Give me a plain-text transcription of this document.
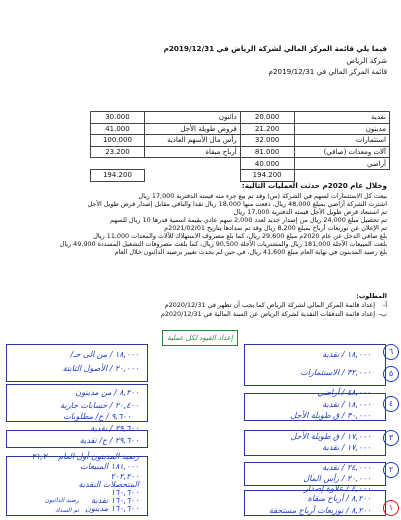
فيما يلي قائمة المركز المالي لشركة الرياض في 2019/12/31م
شركة الرياض
قائمة المركز المالي في 2019/12/31م
30.000	دائنون	20.000	نقدية
41.000	قروض طويلة الأجل	21.200	مدينون
100.000	رأس مال الأسهم العادية	32.000	استثمارات
23.200	أرباح مبقاة	81.000	آلات ومعدات (صافي)
		40.000	أراضي
194.200		194.200	
وخلال عام 2020م حدثت العمليات التالية:
بيعت كل الاستثمارات لسهم في الشركة (س) وقد تم بيع جزء منه قيمته الدفترية 17,000 ريال
اشترت الشركة أراضي بمبلغ 48,000 ريال، دفعت منها 18,000 ريال نقدا والباقي مقابل إصدار قرض طويل الأجل
تم استبعاد قرض طويل الأجل قيمته الدفترية 17,000 ريال
تم تحصيل مبلغ 24,000 ريال من إصدار جديد لعدد 2,000 سهم عادي بقيمة اسمية قدرها 10 ريال للسهم
تم الإعلان عن توزيعات أرباح بمبلغ 8,200 ريال وقد تم سدادها بتاريخ 2021/02/01م
بلغ صافي الدخل عن عام 2020م مبلغ 29,600 ريال، كما بلغ مصروف الاستهلاك للآلات والمعدات 11,000 ريال
بلغت المبيعات الآجلة 181,000 ريال والمشتريات الآجلة 90,500 ريال، كما بلغت مصروفات التشغيل المسددة 49,900 ريال
بلغ رصيد المدينون في نهاية العام مبلغ 41,600 ريال، في حين لم يحدث تغيير برصيد الدائنون خلال العام
المطلوب:
أ-
إعداد قائمة المركز المالي لشركة الرياض كما يجب أن تظهر في 2020/12/31م
ب-
إعداد قائمة التدفقات النقدية لشركة الرياض عن السنة المالية في 2020/12/31م
إعداد القيود لكل عملية
٦
٥
٤
٣
٢
١
١٨,٠٠٠ / من الى حـ/
٢٠,٠٠٠ / الأصول الثابتة
٨,٢٠٠ / من مدينون
٢٠,٤٠٠ / حسابات جارية
٩,٦٠٠ / ح/ مطلوبات
٢٩,٦٠٠ / نقدية
٢٩,٦٠٠ / ح/ نقدية
رصيد المدينون أول العام ٢١,٢٠٠
١٨١,٠٠٠ المبيعات
٢٠٢,٢٠٠
المتحصلات النقدية
١٦٠,٦٠٠
١٦٠,٦٠٠ نقدية
١٦٠,٦٠٠ مدينون
رصيد الدائنون
تم السداد
١٨,٠٠٠ / نقدية
٣٢,٠٠٠ / الاستثمارات
٤٨,٠٠٠ / أراضي
١٨,٠٠٠ / نقدية
٣٠,٠٠٠ / ق طويلة الأجل
١٧,٠٠٠ / ق طويلة الأجل
١٧,٠٠٠ / نقدية
٢٤,٠٠٠ / نقدية
٢٠,٠٠٠ / رأس المال
٤,٠٠٠ / علاوة إصدار
٨,٢٠٠ / أرباح مبقاة
٨,٢٠٠ / توزيعات أرباح مستحقة
